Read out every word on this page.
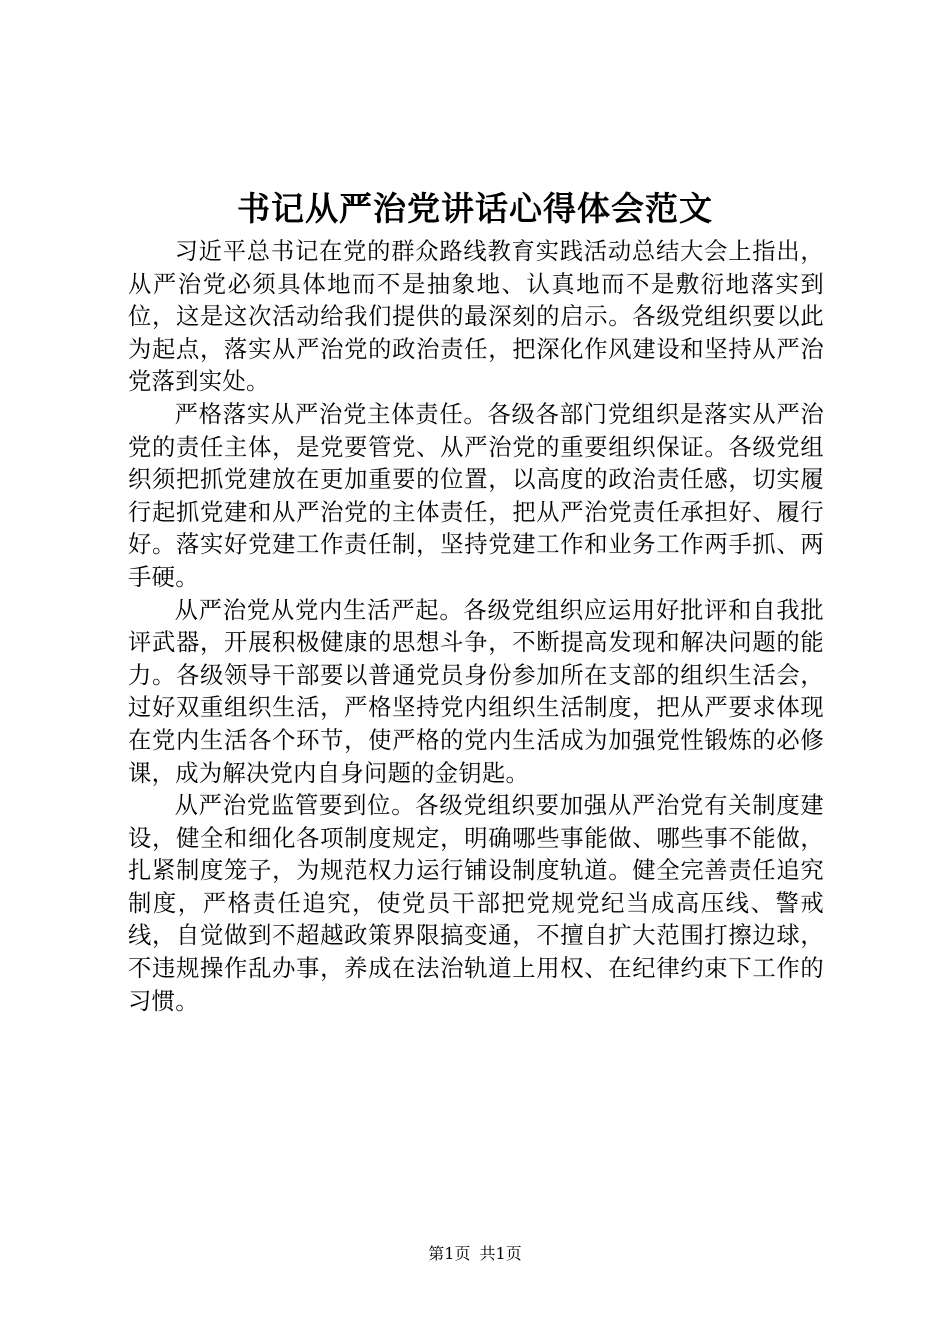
书记从严治党讲话心得体会范文

习近平总书记在党的群众路线教育实践活动总结大会上指出，从严治党必须具体地而不是抽象地、认真地而不是敷衍地落实到位，这是这次活动给我们提供的最深刻的启示。各级党组织要以此为起点，落实从严治党的政治责任，把深化作风建设和坚持从严治党落到实处。

严格落实从严治党主体责任。各级各部门党组织是落实从严治党的责任主体，是党要管党、从严治党的重要组织保证。各级党组织须把抓党建放在更加重要的位置，以高度的政治责任感，切实履行起抓党建和从严治党的主体责任，把从严治党责任承担好、履行好。落实好党建工作责任制，坚持党建工作和业务工作两手抓、两手硬。

从严治党从党内生活严起。各级党组织应运用好批评和自我批评武器，开展积极健康的思想斗争，不断提高发现和解决问题的能力。各级领导干部要以普通党员身份参加所在支部的组织生活会，过好双重组织生活，严格坚持党内组织生活制度，把从严要求体现在党内生活各个环节，使严格的党内生活成为加强党性锻炼的必修课，成为解决党内自身问题的金钥匙。

从严治党监管要到位。各级党组织要加强从严治党有关制度建设，健全和细化各项制度规定，明确哪些事能做、哪些事不能做，扎紧制度笼子，为规范权力运行铺设制度轨道。健全完善责任追究制度，严格责任追究，使党员干部把党规党纪当成高压线、警戒线，自觉做到不超越政策界限搞变通，不擅自扩大范围打擦边球，不违规操作乱办事，养成在法治轨道上用权、在纪律约束下工作的习惯。

第1页 共1页
